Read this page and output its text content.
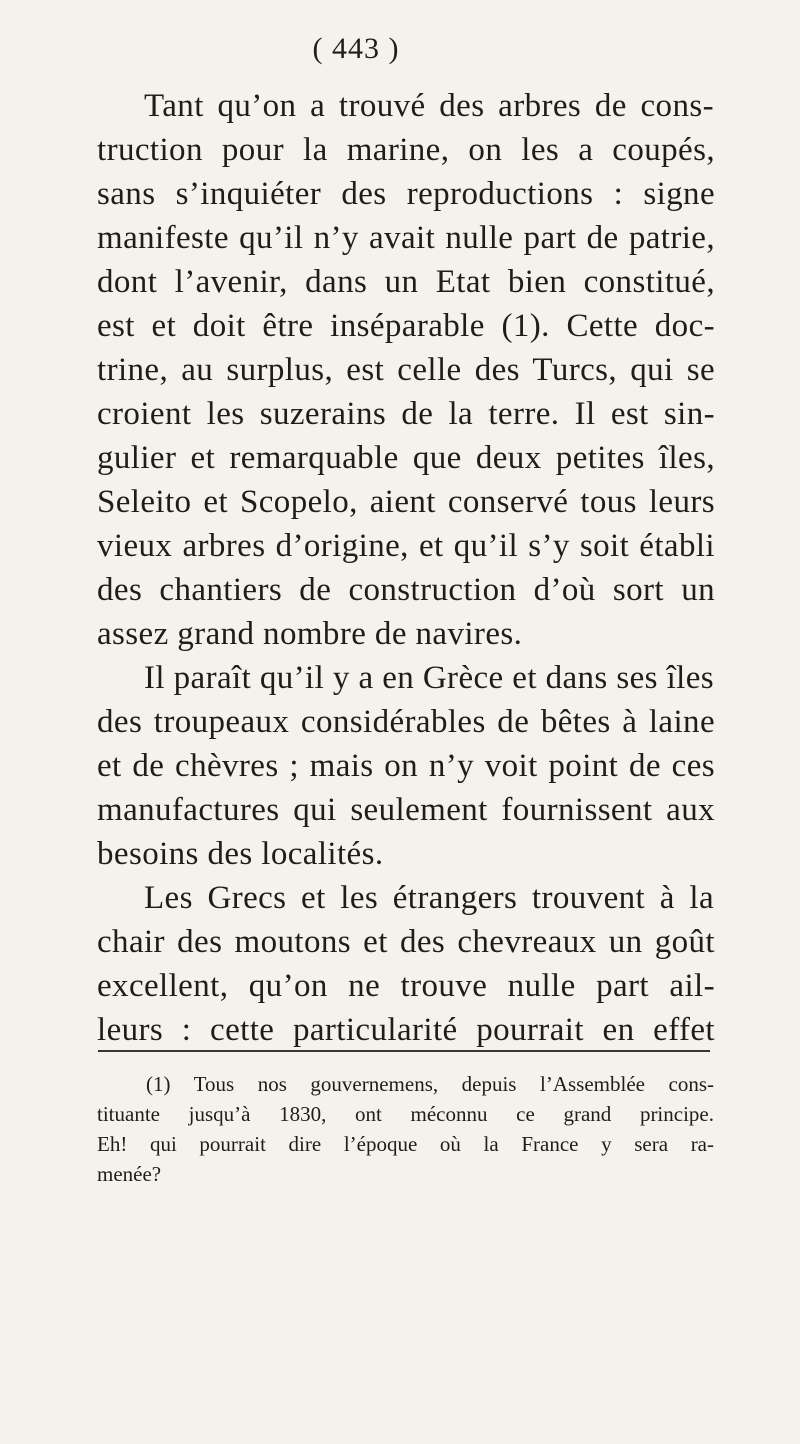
( 443 )
Tant qu’on a trouvé des arbres de cons-
truction pour la marine, on les a coupés,
sans s’inquiéter des reproductions : signe
manifeste qu’il n’y avait nulle part de patrie,
dont l’avenir, dans un Etat bien constitué,
est et doit être inséparable (1). Cette doc-
trine, au surplus, est celle des Turcs, qui se
croient les suzerains de la terre. Il est sin-
gulier et remarquable que deux petites îles,
Seleito et Scopelo, aient conservé tous leurs
vieux arbres d’origine, et qu’il s’y soit établi
des chantiers de construction d’où sort un
assez grand nombre de navires.
Il paraît qu’il y a en Grèce et dans ses îles
des troupeaux considérables de bêtes à laine
et de chèvres ; mais on n’y voit point de ces
manufactures qui seulement fournissent aux
besoins des localités.
Les Grecs et les étrangers trouvent à la
chair des moutons et des chevreaux un goût
excellent, qu’on ne trouve nulle part ail-
leurs : cette particularité pourrait en effet
(1) Tous nos gouvernemens, depuis l’Assemblée cons-
tituante jusqu’à 1830, ont méconnu ce grand principe.
Eh! qui pourrait dire l’époque où la France y sera ra-
menée?
